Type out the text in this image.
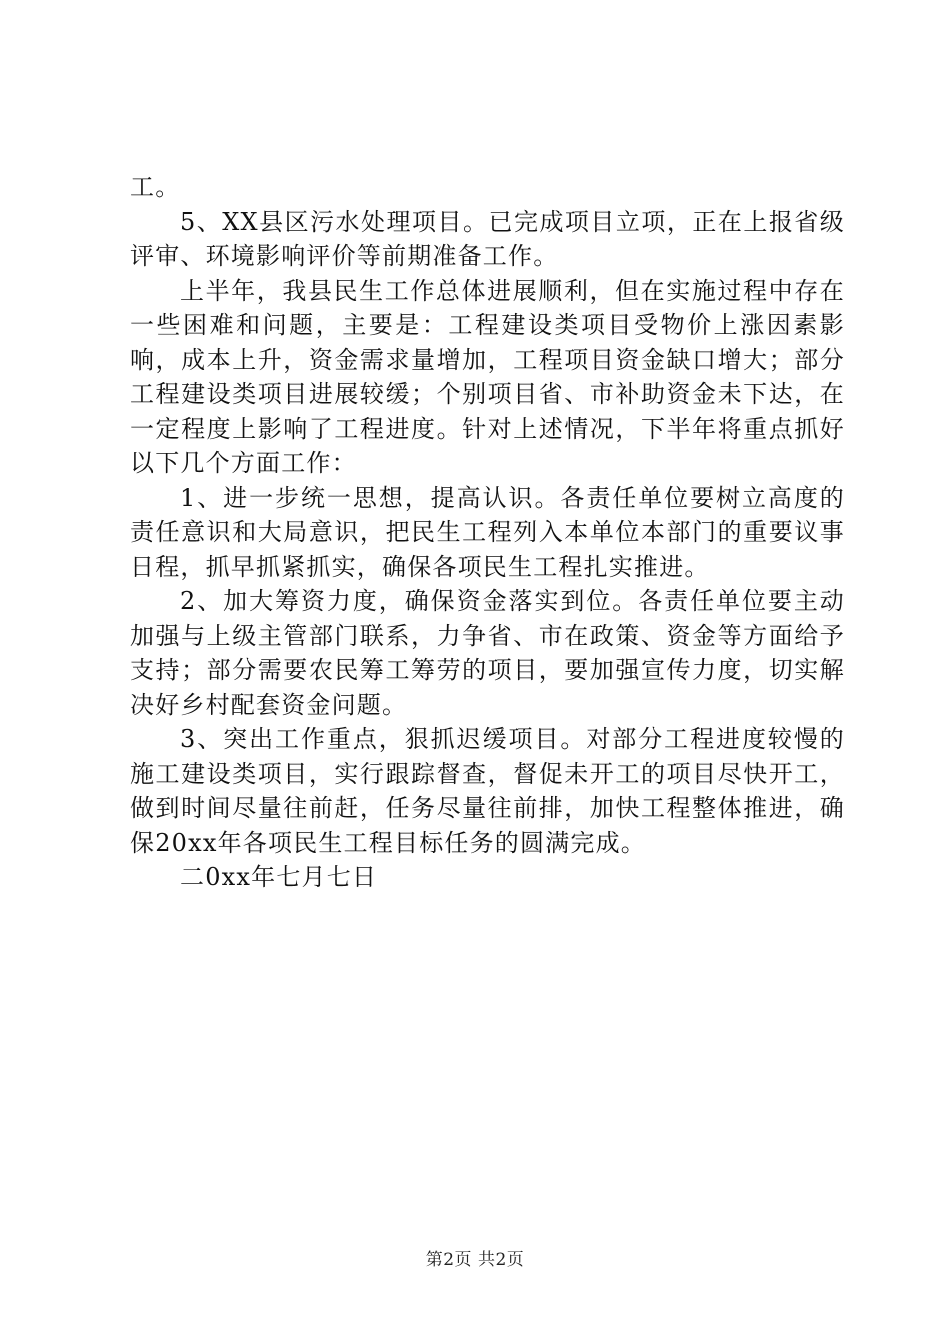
工。

5、XX县区污水处理项目。已完成项目立项，正在上报省级评审、环境影响评价等前期准备工作。

上半年，我县民生工作总体进展顺利，但在实施过程中存在一些困难和问题，主要是：工程建设类项目受物价上涨因素影响，成本上升，资金需求量增加，工程项目资金缺口增大；部分工程建设类项目进展较缓；个别项目省、市补助资金未下达，在一定程度上影响了工程进度。针对上述情况，下半年将重点抓好以下几个方面工作：

1、进一步统一思想，提高认识。各责任单位要树立高度的责任意识和大局意识，把民生工程列入本单位本部门的重要议事日程，抓早抓紧抓实，确保各项民生工程扎实推进。

2、加大筹资力度，确保资金落实到位。各责任单位要主动加强与上级主管部门联系，力争省、市在政策、资金等方面给予支持；部分需要农民筹工筹劳的项目，要加强宣传力度，切实解决好乡村配套资金问题。

3、突出工作重点，狠抓迟缓项目。对部分工程进度较慢的施工建设类项目，实行跟踪督查，督促未开工的项目尽快开工，做到时间尽量往前赶，任务尽量往前排，加快工程整体推进，确保20xx年各项民生工程目标任务的圆满完成。

二0xx年七月七日

第2页 共2页
